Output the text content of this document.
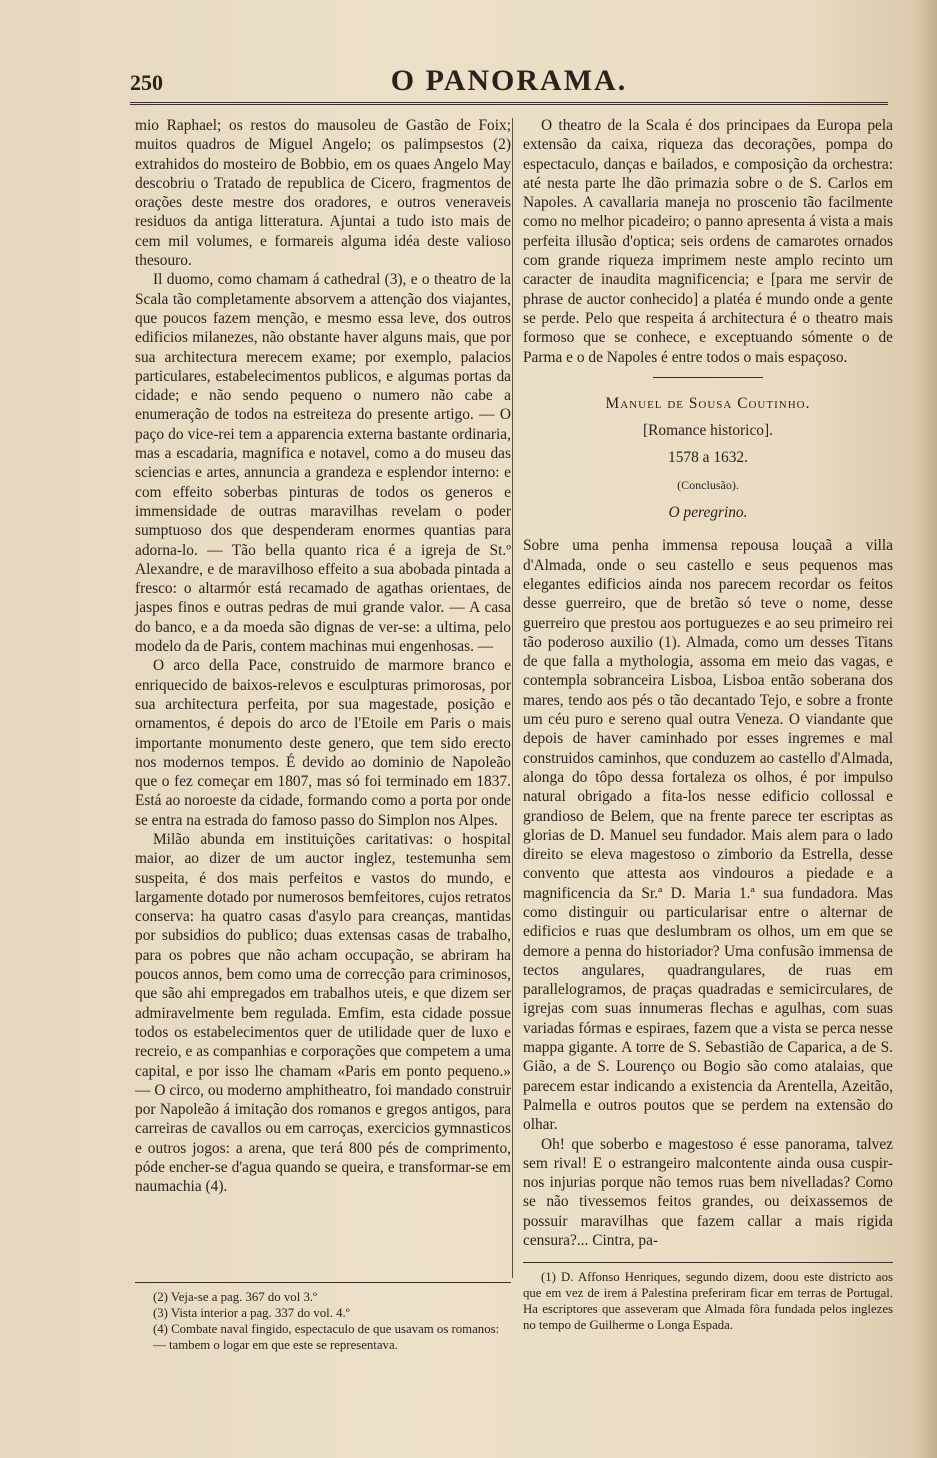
250	O PANORAMA.

mio Raphael; os restos do mausoleu de Gastão de Foix; muitos quadros de Miguel Angelo; os palimpsestos (2) extrahidos do mosteiro de Bobbio, em os quaes Angelo May descobriu o Tratado de republica de Cicero, fragmentos de orações deste mestre dos oradores, e outros veneraveis residuos da antiga litteratura. Ajuntai a tudo isto mais de cem mil volumes, e formareis alguma idéa deste valioso thesouro.

Il duomo, como chamam á cathedral (3), e o theatro de la Scala tão completamente absorvem a attenção dos viajantes, que poucos fazem menção, e mesmo essa leve, dos outros edificios milanezes, não obstante haver alguns mais, que por sua architectura merecem exame; por exemplo, palacios particulares, estabelecimentos publicos, e algumas portas da cidade; e não sendo pequeno o numero não cabe a enumeração de todos na estreiteza do presente artigo. — O paço do vice-rei tem a apparencia externa bastante ordinaria, mas a escadaria, magnifica e notavel, como a do museu das sciencias e artes, annuncia a grandeza e esplendor interno: e com effeito soberbas pinturas de todos os generos e immensidade de outras maravilhas revelam o poder sumptuoso dos que despenderam enormes quantias para adorna-lo. — Tão bella quanto rica é a igreja de St.º Alexandre, e de maravilhoso effeito a sua abobada pintada a fresco: o altarmór está recamado de agathas orientaes, de jaspes finos e outras pedras de mui grande valor. — A casa do banco, e a da moeda são dignas de ver-se: a ultima, pelo modelo da de Paris, contem machinas mui engenhosas. —

O arco della Pace, construido de marmore branco e enriquecido de baixos-relevos e esculpturas primorosas, por sua architectura perfeita, por sua magestade, posição e ornamentos, é depois do arco de l'Etoile em Paris o mais importante monumento deste genero, que tem sido erecto nos modernos tempos. É devido ao dominio de Napoleão que o fez começar em 1807, mas só foi terminado em 1837. Está ao noroeste da cidade, formando como a porta por onde se entra na estrada do famoso passo do Simplon nos Alpes.

Milão abunda em instituições caritativas: o hospital maior, ao dizer de um auctor inglez, testemunha sem suspeita, é dos mais perfeitos e vastos do mundo, e largamente dotado por numerosos bemfeitores, cujos retratos conserva: ha quatro casas d'asylo para creanças, mantidas por subsidios do publico; duas extensas casas de trabalho, para os pobres que não acham occupação, se abriram ha poucos annos, bem como uma de correcção para criminosos, que são ahi empregados em trabalhos uteis, e que dizem ser admiravelmente bem regulada. Emfim, esta cidade possue todos os estabelecimentos quer de utilidade quer de luxo e recreio, e as companhias e corporações que competem a uma capital, e por isso lhe chamam «Paris em ponto pequeno.» — O circo, ou moderno amphitheatro, foi mandado construir por Napoleão á imitação dos romanos e gregos antigos, para carreiras de cavallos ou em carroças, exercicios gymnasticos e outros jogos: a arena, que terá 800 pés de comprimento, póde encher-se d'agua quando se queira, e transformar-se em naumachia (4).

(2) Veja-se a pag. 367 do vol 3.º
(3) Vista interior a pag. 337 do vol. 4.º
(4) Combate naval fingido, espectaculo de que usavam os romanos: — tambem o logar em que este se representava.

O theatro de la Scala é dos principaes da Europa pela extensão da caixa, riqueza das decorações, pompa do espectaculo, danças e bailados, e composição da orchestra: até nesta parte lhe dão primazia sobre o de S. Carlos em Napoles. A cavallaria maneja no proscenio tão facilmente como no melhor picadeiro; o panno apresenta á vista a mais perfeita illusão d'optica; seis ordens de camarotes ornados com grande riqueza imprimem neste amplo recinto um caracter de inaudita magnificencia; e [para me servir de phrase de auctor conhecido] a platéa é mundo onde a gente se perde. Pelo que respeita á architectura é o theatro mais formoso que se conhece, e exceptuando sómente o de Parma e o de Napoles é entre todos o mais espaçoso.

Manuel de Sousa Coutinho.

[Romance historico].

1578 a 1632.

(Conclusão).

O peregrino.

Sobre uma penha immensa repousa louçaã a villa d'Almada, onde o seu castello e seus pequenos mas elegantes edificios ainda nos parecem recordar os feitos desse guerreiro, que de bretão só teve o nome, desse guerreiro que prestou aos portuguezes e ao seu primeiro rei tão poderoso auxilio (1). Almada, como um desses Titans de que falla a mythologia, assoma em meio das vagas, e contempla sobranceira Lisboa, Lisboa então soberana dos mares, tendo aos pés o tão decantado Tejo, e sobre a fronte um céu puro e sereno qual outra Veneza. O viandante que depois de haver caminhado por esses ingremes e mal construidos caminhos, que conduzem ao castello d'Almada, alonga do tôpo dessa fortaleza os olhos, é por impulso natural obrigado a fita-los nesse edificio collossal e grandioso de Belem, que na frente parece ter escriptas as glorias de D. Manuel seu fundador. Mais alem para o lado direito se eleva magestoso o zimborio da Estrella, desse convento que attesta aos vindouros a piedade e a magnificencia da Sr.ª D. Maria 1.ª sua fundadora. Mas como distinguir ou particularisar entre o alternar de edificios e ruas que deslumbram os olhos, um em que se demore a penna do historiador? Uma confusão immensa de tectos angulares, quadrangulares, de ruas em parallelogramos, de praças quadradas e semicirculares, de igrejas com suas innumeras flechas e agulhas, com suas variadas fórmas e espiraes, fazem que a vista se perca nesse mappa gigante. A torre de S. Sebastião de Caparica, a de S. Gião, a de S. Lourenço ou Bogio são como atalaias, que parecem estar indicando a existencia da Arentella, Azeitão, Palmella e outros poutos que se perdem na extensão do olhar.

Oh! que soberbo e magestoso é esse panorama, talvez sem rival! E o estrangeiro malcontente ainda ousa cuspir-nos injurias porque não temos ruas bem nivelladas? Como se não tivessemos feitos grandes, ou deixassemos de possuir maravilhas que fazem callar a mais rigida censura?... Cintra, pa-

(1) D. Affonso Henriques, segundo dizem, doou este districto aos que em vez de irem á Palestina preferiram ficar em terras de Portugal. Ha escriptores que asseveram que Almada fôra fundada pelos inglezes no tempo de Guilherme o Longa Espada.
